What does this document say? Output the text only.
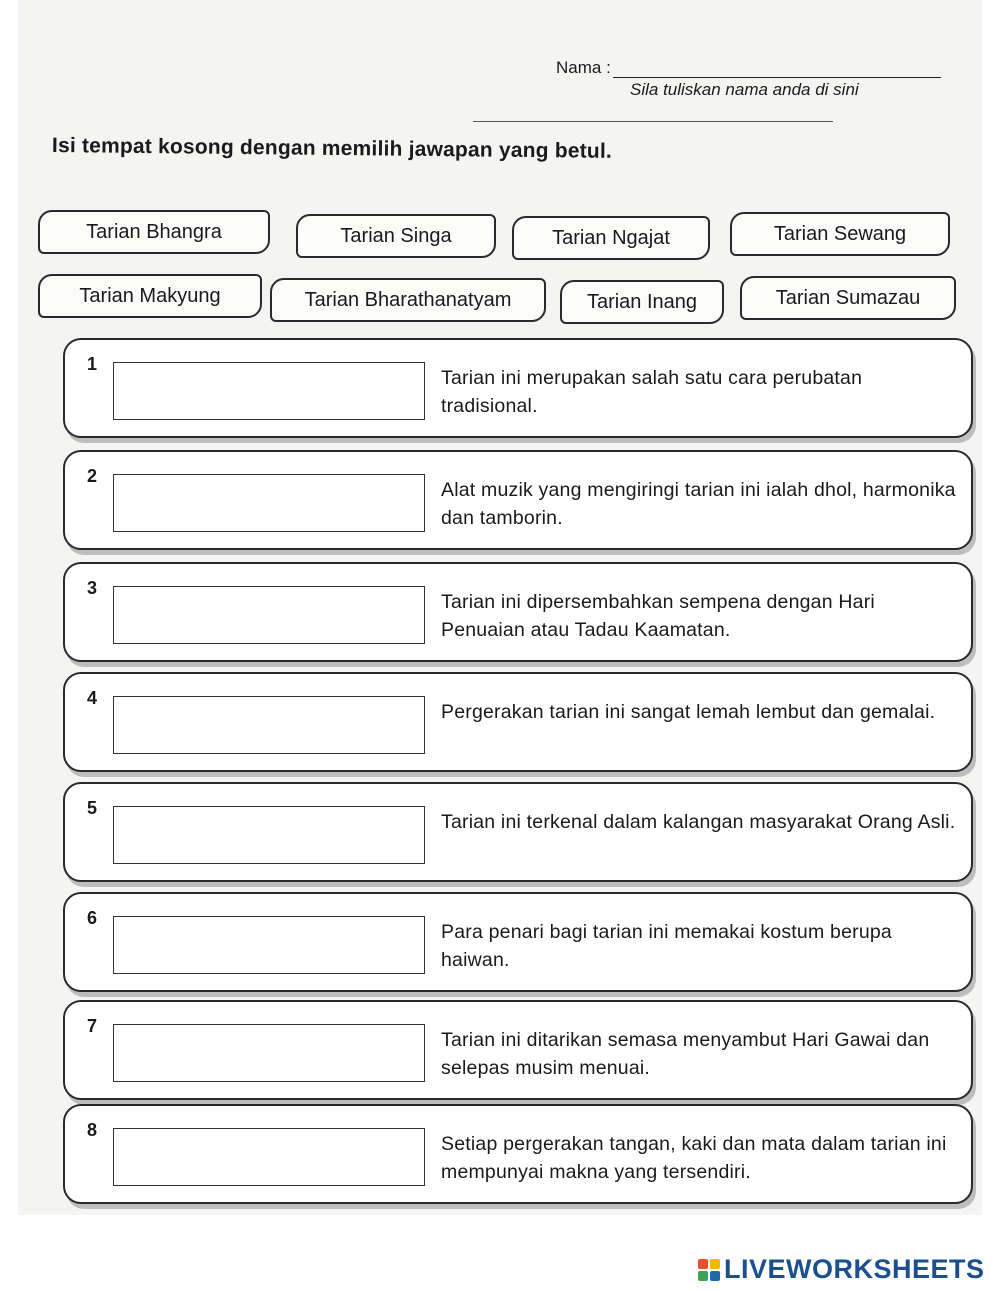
Nama :
Sila tuliskan nama anda di sini
Isi tempat kosong dengan memilih jawapan yang betul.
Tarian Bhangra	Tarian Singa	Tarian Ngajat	Tarian Sewang
Tarian Makyung	Tarian Bharathanatyam	Tarian Inang	Tarian Sumazau
1
Tarian ini merupakan salah satu cara perubatan tradisional.
2
Alat muzik yang mengiringi tarian ini ialah dhol, harmonika dan tamborin.
3
Tarian ini dipersembahkan sempena dengan Hari Penuaian atau Tadau Kaamatan.
4
Pergerakan tarian ini sangat lemah lembut dan gemalai.
5
Tarian ini terkenal dalam kalangan masyarakat Orang Asli.
6
Para penari bagi tarian ini memakai kostum berupa haiwan.
7
Tarian ini ditarikan semasa menyambut Hari Gawai dan selepas musim menuai.
8
Setiap pergerakan tangan, kaki dan mata dalam tarian ini mempunyai makna yang tersendiri.
LIVEWORKSHEETS
